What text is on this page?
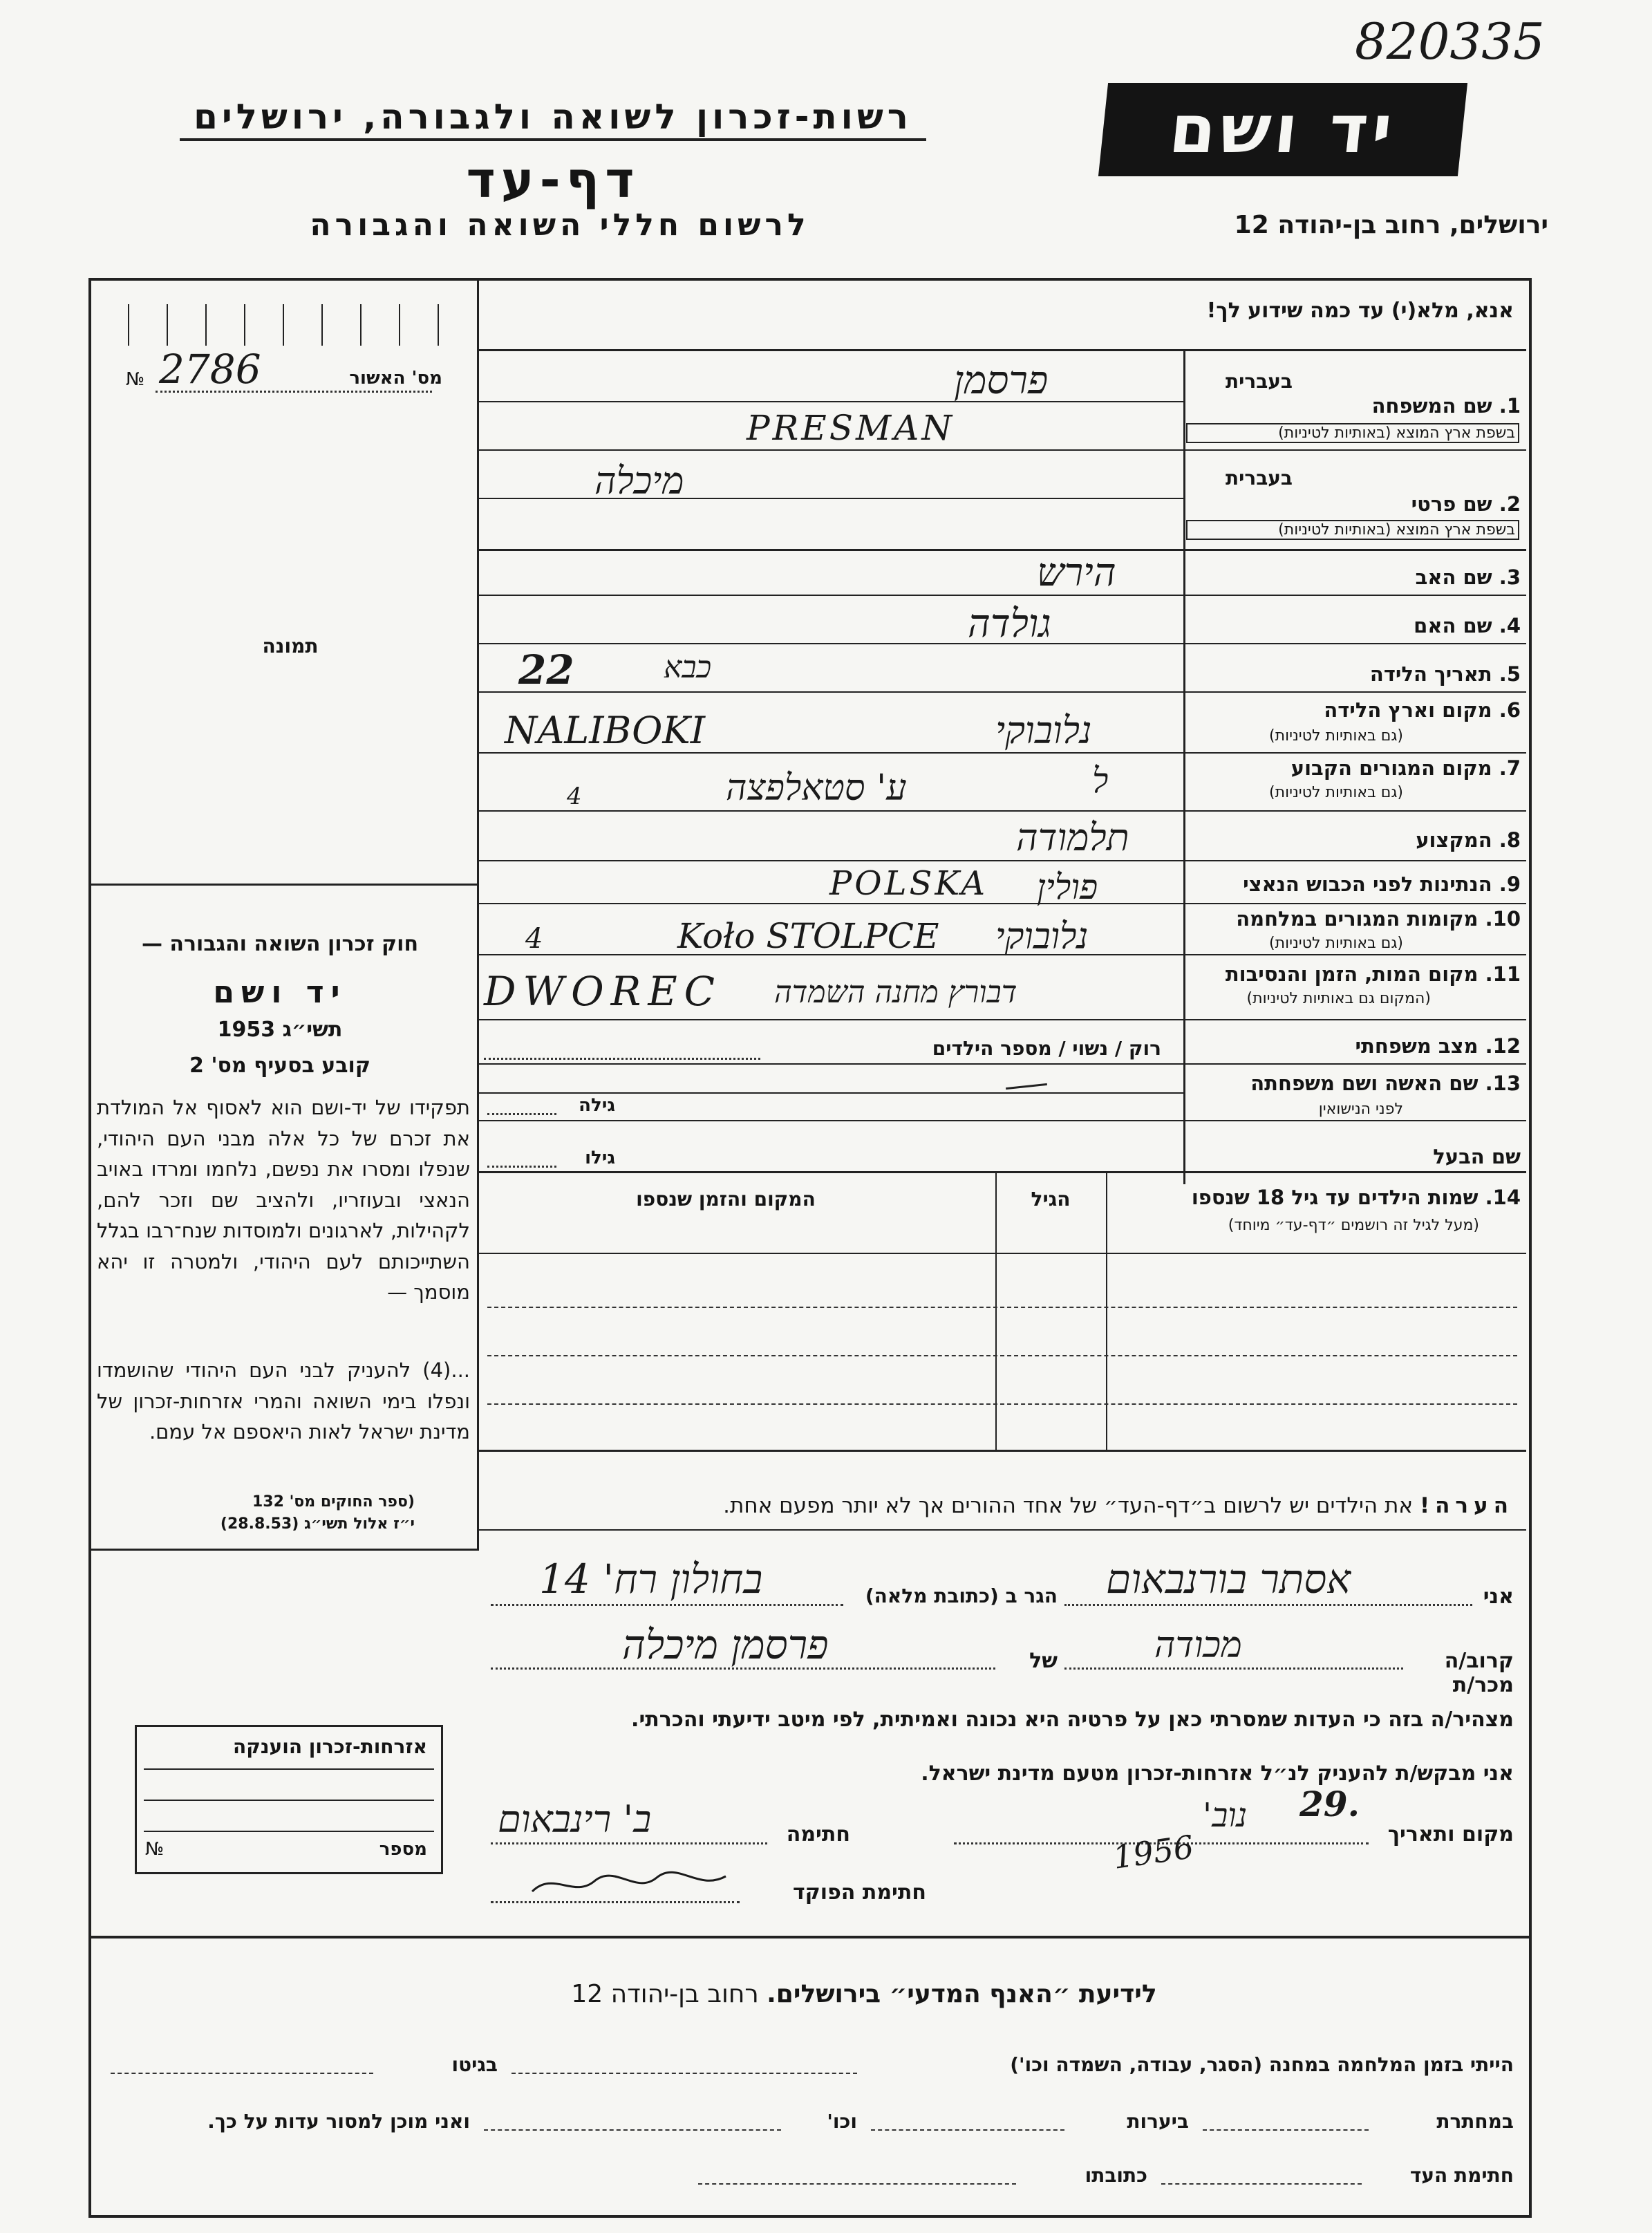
820335
רשות-זכרון לשואה ולגבורה, ירושלים
דף-עד
לרשום חללי השואה והגבורה
יד ושם
ירושלים, רחוב בן-יהודה 12
אנא, מלא(י) עד כמה שידוע לך!
מס' האשור
№ 2786
תמונה
חוק זכרון השואה והגבורה —
יד ושם
תשי״ג 1953
קובע בסעיף מס' 2
תפקידו של יד-ושם הוא לאסוף אל המולדת את זכרם של כל אלה מבני העם היהודי, שנפלו ומסרו את נפשם, נלחמו ומרדו באויב הנאצי ובעוזריו, ולהציב שם וזכר להם, לקהילות, לארגונים ולמוסדות שנח־רבו בגלל השתייכותם לעם היהודי, ולמטרה זו יהא מוסמך —
...(4) להעניק לבני העם היהודי שהושמדו ונפלו בימי השואה והמרי אזרחות-זכרון של מדינת ישראל לאות היאספם אל עמם.
(ספר החוקים מס' 132
י״ז אלול תשי״ג (28.8.53)
בעברית
1. שם המשפחה
בשפת ארץ המוצא (באותיות לטיניות)
פרסמן
PRESMAN
בעברית
2. שם פרטי
בשפת ארץ המוצא (באותיות לטיניות)
מיכלה
3. שם האב
הירש
4. שם האם
גולדה
5. תאריך הלידה
22	כבא
6. מקום וארץ הלידה
(גם באותיות לטיניות)
NALIBOKI	נלובוקי
7. מקום המגורים הקבוע
(גם באותיות לטיניות)
ע' סטאלפצה	ל
4
8. המקצוע
תלמודה
9. הנתינות לפני הכבוש הנאצי
POLSKA פולין
10. מקומות המגורים במלחמה
(גם באותיות לטיניות)
4	Koło STOLPCE נלובוקי
11. מקום המות, הזמן והנסיבות
(המקום גם באותיות לטיניות)
DWOREC דבורץ מחנה השמדה
12. מצב משפחתי
רוק / נשוי / מספר הילדים
13. שם האשה ושם משפחתה
לפני הנישואין
גילה
שם הבעל
גילו
14. שמות הילדים עד גיל 18 שנספו
(מעל לגיל זה רושמים ״דף-עד״ מיוחד)
הגיל
המקום והזמן שנספו
הערה! את הילדים יש לרשום ב״דף-העד״ של אחד ההורים אך לא יותר מפעם אחת.
אני
אסתר בורנבאום
הגר ב (כתובת מלאה)
בחולון רח' 14
קרוב/ה מכר/ת
מכודה
של
פרסמן מיכלה
מצהיר/ה בזה כי העדות שמסרתי כאן על פרטיה היא נכונה ואמיתית, לפי מיטב ידיעתי והכרתי.
אני מבקש/ת להעניק לנ״ל אזרחות-זכרון מטעם מדינת ישראל.
מקום ותאריך
29.
נוב'
1956
חתימה
ב' רינבאום
חתימת הפוקד
אזרחות-זכרון הוענקה
מספר
№
לידיעת ״האנף המדעי״ בירושלים. רחוב בן-יהודה 12
הייתי בזמן המלחמה במחנה (הסגר, עבודה, השמדה וכו')
בגיטו
במחתרת
ביערות
וכו'
ואני מוכן למסור עדות על כך.
חתימת העד
כתובתו
